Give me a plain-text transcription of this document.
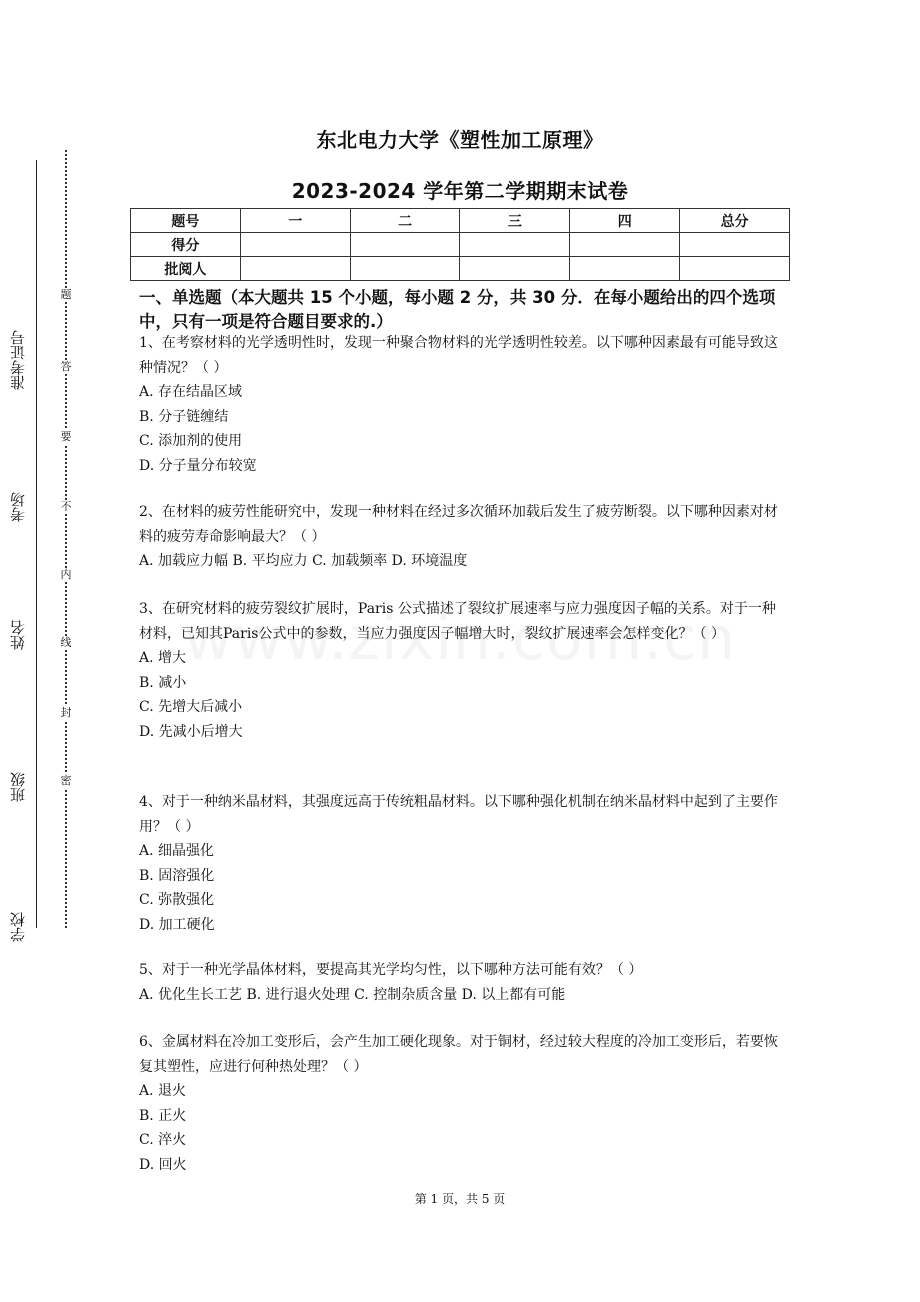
题
答
要
不
内
线
封
密
准考证号
考场
姓名
班级
学校
东北电力大学《塑性加工原理》
2023-2024 学年第二学期期末试卷
题号	一	二	三	四	总分
得分					
批阅人					
一、单选题（本大题共 15 个小题，每小题 2 分，共 30 分．在每小题给出的四个选项中，只有一项是符合题目要求的.）

1、在考察材料的光学透明性时，发现一种聚合物材料的光学透明性较差。以下哪种因素最有可能导致这种情况？（ ）

A. 存在结晶区域

B. 分子链缠结

C. 添加剂的使用

D. 分子量分布较宽

2、在材料的疲劳性能研究中，发现一种材料在经过多次循环加载后发生了疲劳断裂。以下哪种因素对材料的疲劳寿命影响最大？（ ）

A. 加载应力幅 B. 平均应力 C. 加载频率 D. 环境温度

3、在研究材料的疲劳裂纹扩展时，Paris 公式描述了裂纹扩展速率与应力强度因子幅的关系。对于一种材料，已知其Paris公式中的参数，当应力强度因子幅增大时，裂纹扩展速率会怎样变化？（ ）

A. 增大

B. 减小

C. 先增大后减小

D. 先减小后增大

4、对于一种纳米晶材料，其强度远高于传统粗晶材料。以下哪种强化机制在纳米晶材料中起到了主要作用？（ ）

A. 细晶强化

B. 固溶强化

C. 弥散强化

D. 加工硬化

5、对于一种光学晶体材料，要提高其光学均匀性，以下哪种方法可能有效？（ ）

A. 优化生长工艺 B. 进行退火处理 C. 控制杂质含量 D. 以上都有可能

6、金属材料在冷加工变形后，会产生加工硬化现象。对于铜材，经过较大程度的冷加工变形后，若要恢复其塑性，应进行何种热处理？（ ）

A. 退火

B. 正火

C. 淬火

D. 回火

第 1 页，共 5 页
